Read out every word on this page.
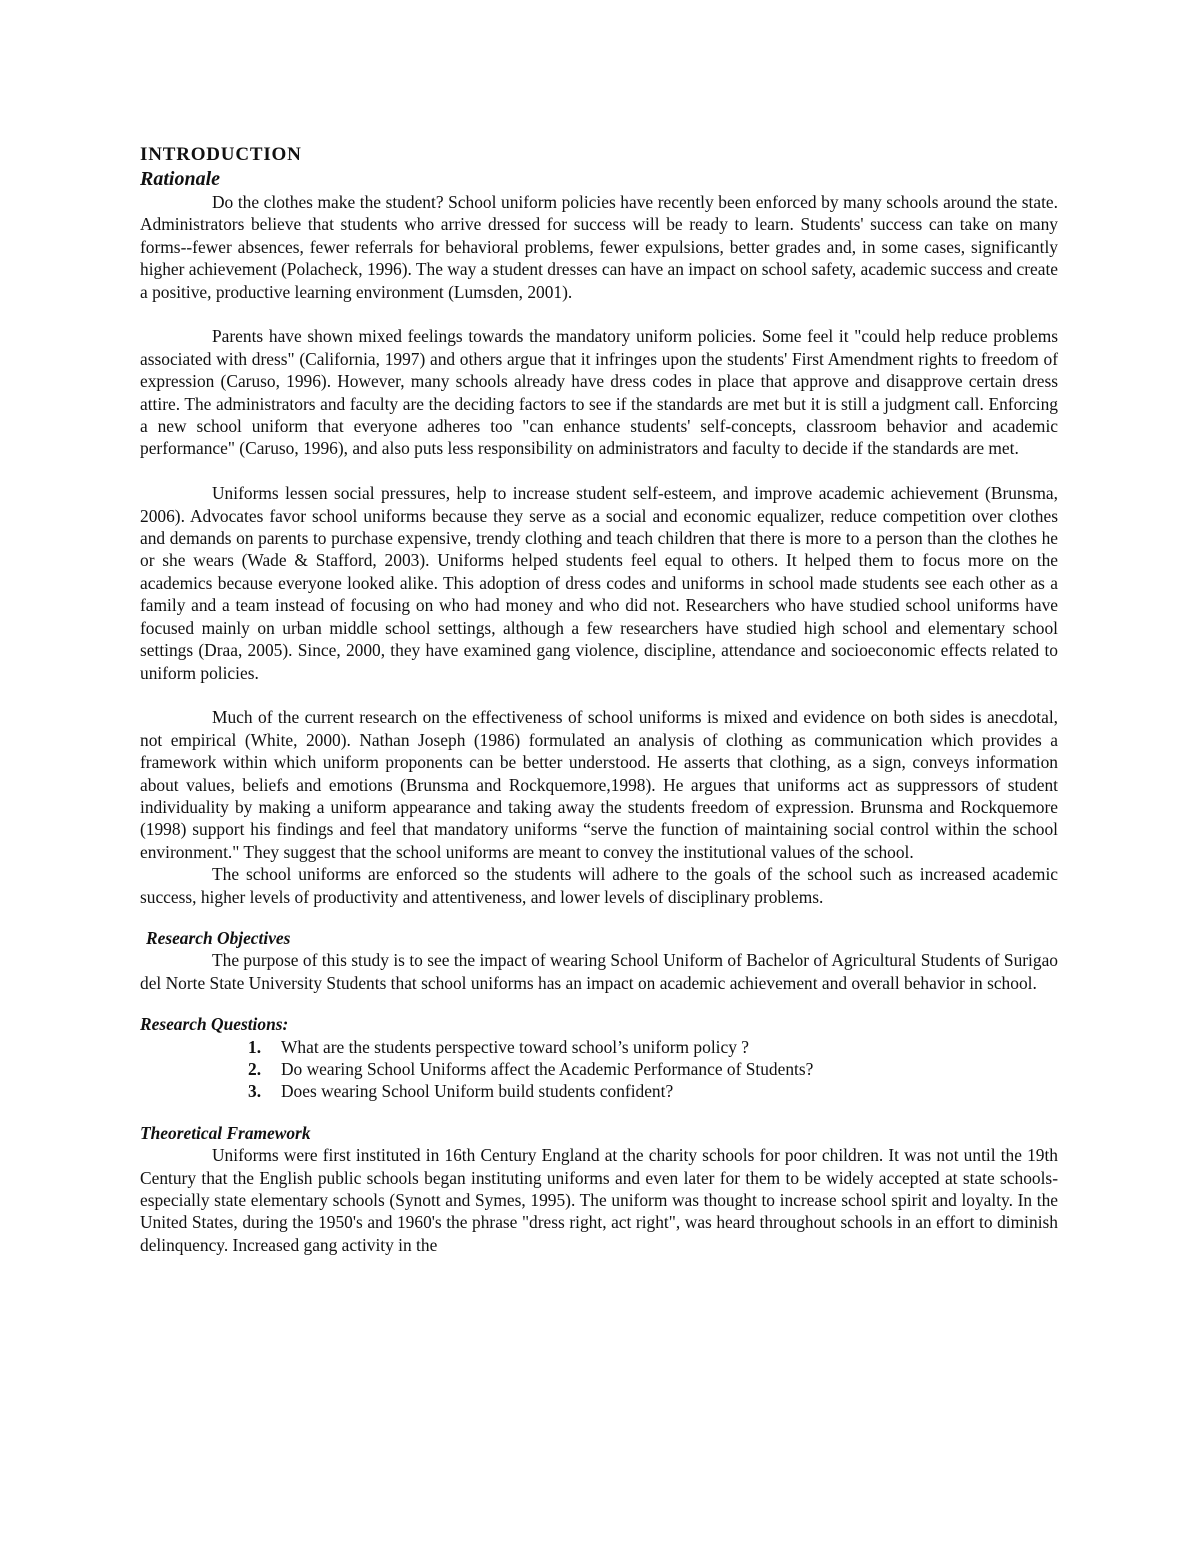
INTRODUCTION
Rationale

Do the clothes make the student? School uniform policies have recently been enforced by many schools around the state. Administrators believe that students who arrive dressed for success will be ready to learn. Students' success can take on many forms--fewer absences, fewer referrals for behavioral problems, fewer expulsions, better grades and, in some cases, significantly higher achievement (Polacheck, 1996). The way a student dresses can have an impact on school safety, academic success and create a positive, productive learning environment (Lumsden, 2001).

Parents have shown mixed feelings towards the mandatory uniform policies. Some feel it "could help reduce problems associated with dress" (California, 1997) and others argue that it infringes upon the students' First Amendment rights to freedom of expression (Caruso, 1996). However, many schools already have dress codes in place that approve and disapprove certain dress attire. The administrators and faculty are the deciding factors to see if the standards are met but it is still a judgment call. Enforcing a new school uniform that everyone adheres too "can enhance students' self-concepts, classroom behavior and academic performance" (Caruso, 1996), and also puts less responsibility on administrators and faculty to decide if the standards are met.

Uniforms lessen social pressures, help to increase student self-esteem, and improve academic achievement (Brunsma, 2006). Advocates favor school uniforms because they serve as a social and economic equalizer, reduce competition over clothes and demands on parents to purchase expensive, trendy clothing and teach children that there is more to a person than the clothes he or she wears (Wade & Stafford, 2003). Uniforms helped students feel equal to others. It helped them to focus more on the academics because everyone looked alike. This adoption of dress codes and uniforms in school made students see each other as a family and a team instead of focusing on who had money and who did not. Researchers who have studied school uniforms have focused mainly on urban middle school settings, although a few researchers have studied high school and elementary school settings (Draa, 2005). Since, 2000, they have examined gang violence, discipline, attendance and socioeconomic effects related to uniform policies.

Much of the current research on the effectiveness of school uniforms is mixed and evidence on both sides is anecdotal, not empirical (White, 2000). Nathan Joseph (1986) formulated an analysis of clothing as communication which provides a framework within which uniform proponents can be better understood. He asserts that clothing, as a sign, conveys information about values, beliefs and emotions (Brunsma and Rockquemore,1998). He argues that uniforms act as suppressors of student individuality by making a uniform appearance and taking away the students freedom of expression. Brunsma and Rockquemore (1998) support his findings and feel that mandatory uniforms “serve the function of maintaining social control within the school environment." They suggest that the school uniforms are meant to convey the institutional values of the school.

The school uniforms are enforced so the students will adhere to the goals of the school such as increased academic success, higher levels of productivity and attentiveness, and lower levels of disciplinary problems.

Research Objectives

The purpose of this study is to see the impact of wearing School Uniform of Bachelor of Agricultural Students of Surigao del Norte State University Students that school uniforms has an impact on academic achievement and overall behavior in school.

Research Questions:
1. What are the students perspective toward school’s uniform policy ?
2. Do wearing School Uniforms affect the Academic Performance of Students?
3. Does wearing School Uniform build students confident?
Theoretical Framework

Uniforms were first instituted in 16th Century England at the charity schools for poor children. It was not until the 19th Century that the English public schools began instituting uniforms and even later for them to be widely accepted at state schools- especially state elementary schools (Synott and Symes, 1995). The uniform was thought to increase school spirit and loyalty. In the United States, during the 1950's and 1960's the phrase "dress right, act right", was heard throughout schools in an effort to diminish delinquency. Increased gang activity in the
